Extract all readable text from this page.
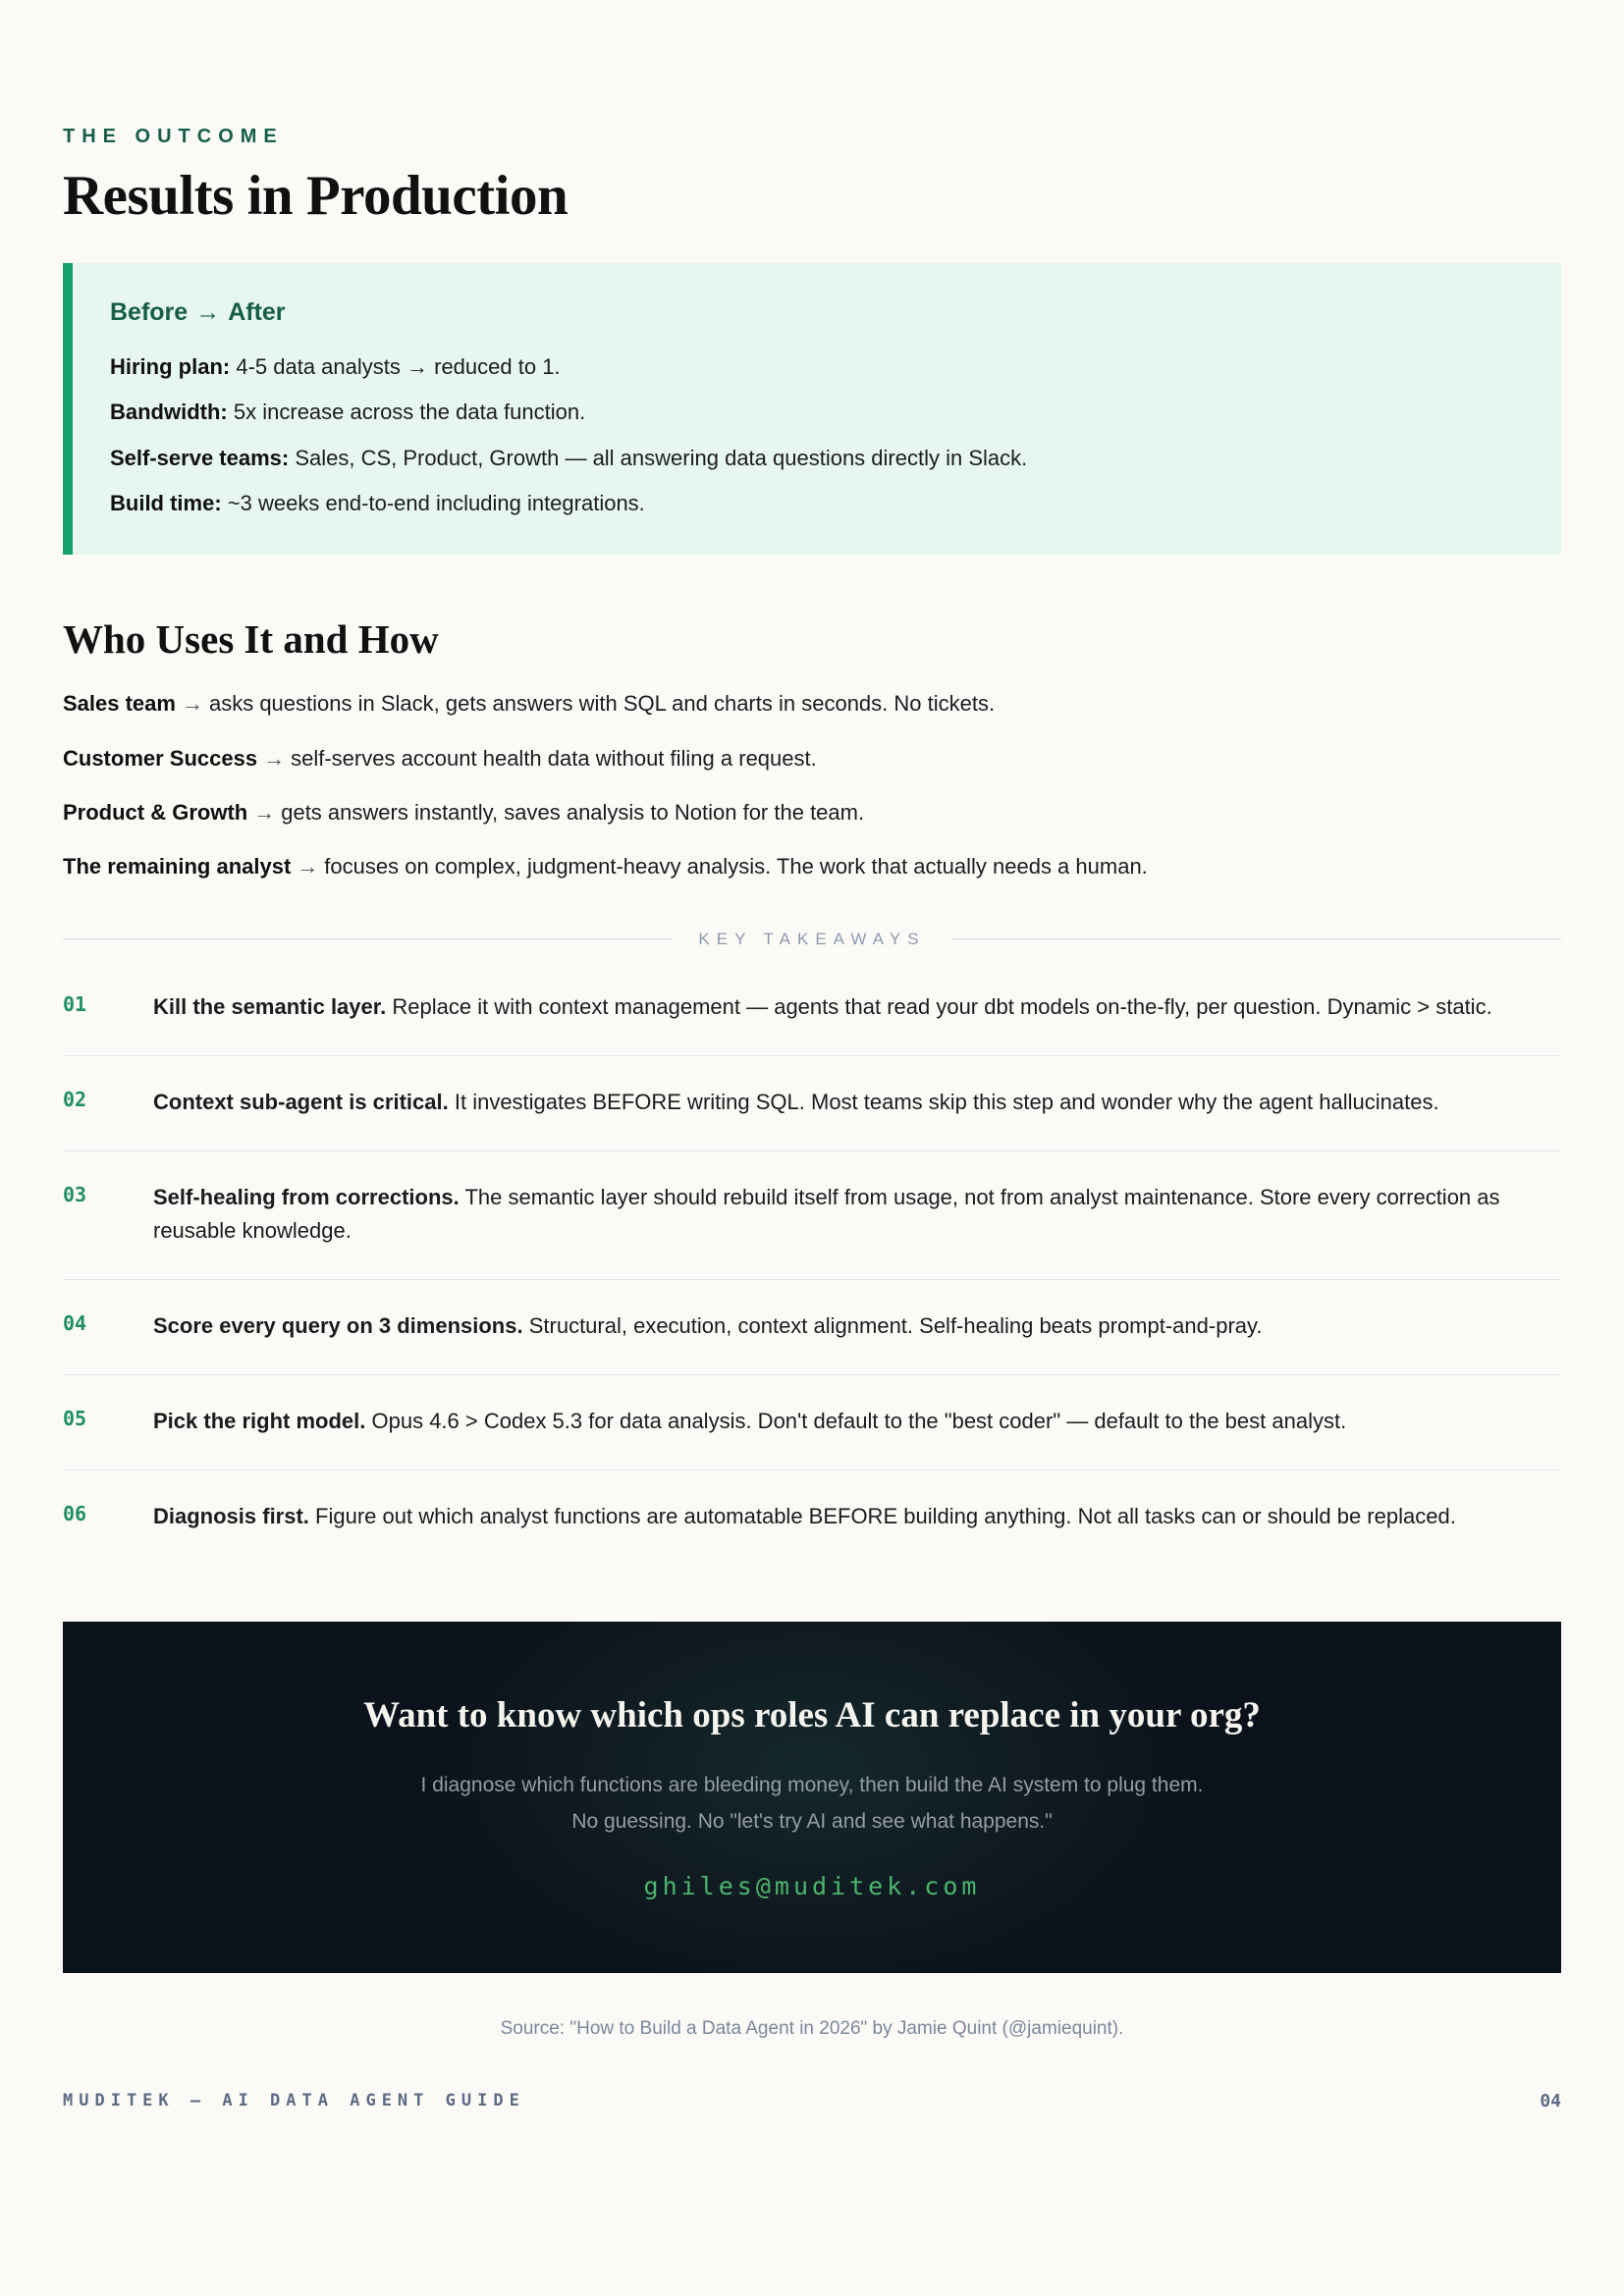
THE OUTCOME
Results in Production
Before → After

Hiring plan: 4-5 data analysts → reduced to 1.

Bandwidth: 5x increase across the data function.

Self-serve teams: Sales, CS, Product, Growth — all answering data questions directly in Slack.

Build time: ~3 weeks end-to-end including integrations.

Who Uses It and How

Sales team → asks questions in Slack, gets answers with SQL and charts in seconds. No tickets.

Customer Success → self-serves account health data without filing a request.

Product & Growth → gets answers instantly, saves analysis to Notion for the team.

The remaining analyst → focuses on complex, judgment-heavy analysis. The work that actually needs a human.

KEY TAKEAWAYS
01	Kill the semantic layer. Replace it with context management — agents that read your dbt models on-the-fly, per question. Dynamic > static.
02	Context sub-agent is critical. It investigates BEFORE writing SQL. Most teams skip this step and wonder why the agent hallucinates.
03	Self-healing from corrections. The semantic layer should rebuild itself from usage, not from analyst maintenance. Store every correction as reusable knowledge.
04	Score every query on 3 dimensions. Structural, execution, context alignment. Self-healing beats prompt-and-pray.
05	Pick the right model. Opus 4.6 > Codex 5.3 for data analysis. Don't default to the "best coder" — default to the best analyst.
06	Diagnosis first. Figure out which analyst functions are automatable BEFORE building anything. Not all tasks can or should be replaced.
Want to know which ops roles AI can replace in your org?
I diagnose which functions are bleeding money, then build the AI system to plug them.
No guessing. No "let's try AI and see what happens."
ghiles@muditek.com

Source: "How to Build a Data Agent in 2026" by Jamie Quint (@jamiequint).

MUDITEK — AI DATA AGENT GUIDE	04
